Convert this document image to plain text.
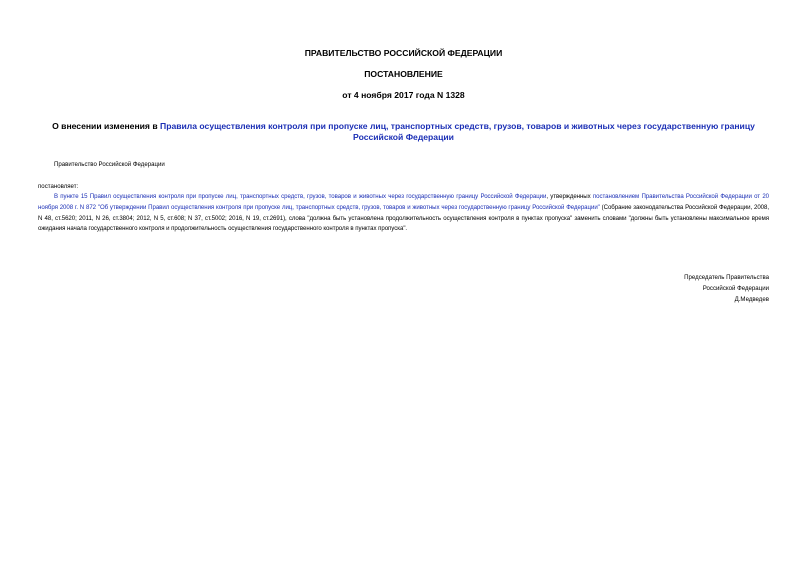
ПРАВИТЕЛЬСТВО РОССИЙСКОЙ ФЕДЕРАЦИИ
ПОСТАНОВЛЕНИЕ
от 4 ноября 2017 года N 1328
О внесении изменения в Правила осуществления контроля при пропуске лиц, транспортных средств, грузов, товаров и животных через государственную границу Российской Федерации
Правительство Российской Федерации
постановляет:
В пункте 15 Правил осуществления контроля при пропуске лиц, транспортных средств, грузов, товаров и животных через государственную границу Российской Федерации, утвержденных постановлением Правительства Российской Федерации от 20 ноября 2008 г. N 872 "Об утверждении Правил осуществления контроля при пропуске лиц, транспортных средств, грузов, товаров и животных через государственную границу Российской Федерации" (Собрание законодательства Российской Федерации, 2008, N 48, ст.5620; 2011, N 26, ст.3804; 2012, N 5, ст.608; N 37, ст.5002; 2016, N 19, ст.2691), слова "должна быть установлена продолжительность осуществления контроля в пунктах пропуска" заменить словами "должны быть установлены максимальное время ожидания начала государственного контроля и продолжительность осуществления государственного контроля в пунктах пропуска".
Председатель Правительства
Российской Федерации
Д.Медведев
